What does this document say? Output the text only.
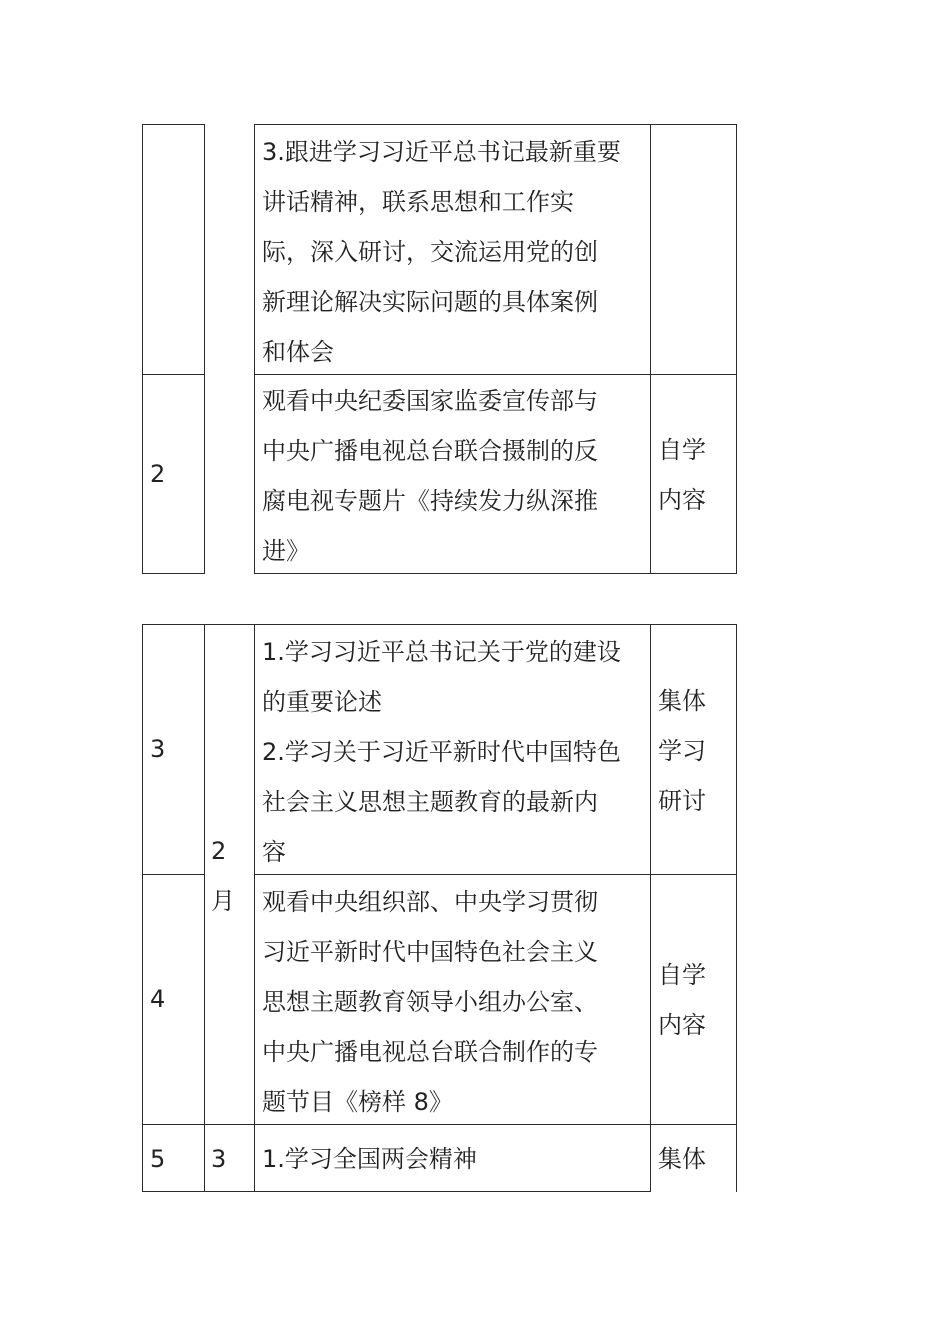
3.跟进学习习近平总书记最新重要
讲话精神，联系思想和工作实
际，深入研讨，交流运用党的创
新理论解决实际问题的具体案例
和体会
2
观看中央纪委国家监委宣传部与
中央广播电视总台联合摄制的反
腐电视专题片《持续发力纵深推
进》
自学
内容
2
月
3
3
1.学习习近平总书记关于党的建设
的重要论述
2.学习关于习近平新时代中国特色
社会主义思想主题教育的最新内
容
集体
学习
研讨
4
观看中央组织部、中央学习贯彻
习近平新时代中国特色社会主义
思想主题教育领导小组办公室、
中央广播电视总台联合制作的专
题节目《榜样 8》
自学
内容
5	1.学习全国两会精神	集体
